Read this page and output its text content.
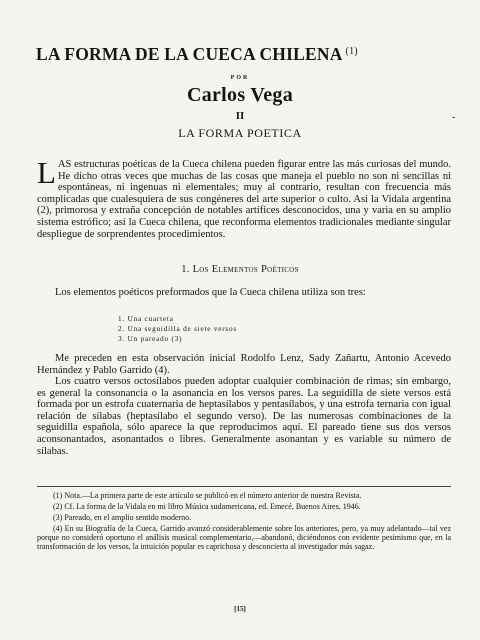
LA FORMA DE LA CUECA CHILENA $^{(1)}$
POR
Carlos Vega
II	-
LA FORMA POETICA
LAS estructuras poéticas de la Cueca chilena pueden figurar entre las más curiosas del mundo. He dicho otras veces que muchas de las cosas que maneja el pueblo no son ni sencillas ni espontáneas, ni ingenuas ni elementales; muy al contrario, resultan con frecuencia más complicadas que cualesquiera de sus congéneres del arte superior o culto. Así la Vidala argentina (2), primorosa y extraña concepción de notables artífices desconocidos, una y varia en su amplio sistema estrófico; así la Cueca chilena, que reconforma elementos tradicionales mediante singular despliegue de sorprendentes procedimientos.
1. Los Elementos Poéticos
Los elementos poéticos preformados que la Cueca chilena utiliza son tres:
1. Una cuarteta
2. Una seguidilla de siete versos
3. Un pareado (3)
Me preceden en esta observación inicial Rodolfo Lenz, Sady Zañartu, Antonio Acevedo Hernández y Pablo Garrido (4).
Los cuatro versos octosílabos pueden adoptar cualquier combinación de rimas; sin embargo, es general la consonancia o la asonancia en los versos pares. La seguidilla de siete versos está formada por un estrofa cuaternaria de heptasílabos y pentasílabos, y una estrofa ternaria con igual relación de sílabas (heptasílabo el segundo verso). De las numerosas combinaciones de la seguidilla española, sólo aparece la que reproducimos aquí. El pareado tiene sus dos versos aconsonantados, asonantados o libres. Generalmente asonantan y es variable su número de sílabas.
(1) Nota.—La primera parte de este artículo se publicó en el número anterior de nuestra Revista.
(2) Cf. La forma de la Vidala en mi libro Música sudamericana, ed. Emecé, Buenos Aires, 1946.
(3) Pareado, en el amplio sentido moderno.
(4) En su Biografía de la Cueca, Garrido avanzó considerablemente sobre los anteriores, pero, ya muy adelantado—tal vez porque no consideró oportuno el análisis musical complementario,—abandonó, diciéndonos con evidente pesimismo que, en la transformación de los versos, la intuición popular es caprichosa y desconcierta al investigador más sagaz.
[15]
